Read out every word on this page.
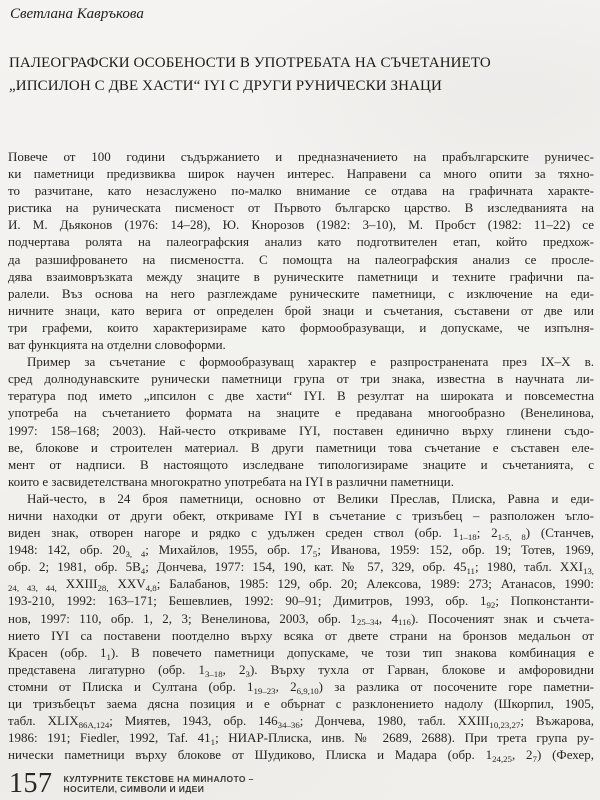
Светлана Кавръкова
ПАЛЕОГРАФСКИ ОСОБЕНОСТИ В УПОТРЕБАТА НА СЪЧЕТАНИЕТО
„ИПСИЛОН С ДВЕ ХАСТИ“ IYI С ДРУГИ РУНИЧЕСКИ ЗНАЦИ
Повече от 100 години съдържанието и предназначението на прабългарските руничес-
ки паметници предизвиква широк научен интерес. Направени са много опити за тяхно-
то разчитане, като незаслужено по-малко внимание се отдава на графичната характе-
ристика на руническата писменост от Първото българско царство. В изследванията на
И. М. Дьяконов (1976: 14–28), Ю. Кнорозов (1982: 3–10), М. Пробст (1982: 11–22) се
подчертава ролята на палеографския анализ като подготвителен етап, който предхож-
да разшифроването на писмеността. С помощта на палеографския анализ се просле-
дява взаимовръзката между знаците в руническите паметници и техните графични па-
ралели. Въз основа на него разглеждаме руническите паметници, с изключение на еди-
ничните знаци, като верига от определен брой знаци и съчетания, съставени от две или
три графеми, които характеризираме като формообразуващи, и допускаме, че изпълня-
ват функцията на отделни словоформи.
Пример за съчетание с формообразуващ характер е разпространената през IX–X в.
сред долнодунавските рунически паметници група от три знака, известна в научната ли-
тература под името „ипсилон с две хасти“ IYI. В резултат на широката и повсеместна
употреба на съчетанието формата на знаците е предавана многообразно (Венелинова,
1997: 158–168; 2003). Най-често откриваме IYI, поставен единично върху глинени съдо-
ве, блокове и строителен материал. В други паметници това съчетание е съставен еле-
мент от надписи. В настоящото изследване типологизираме знаците и съчетанията, с
които е засвидетелствана многократно употребата на IYI в различни паметници.
Най-често, в 24 броя паметници, основно от Велики Преслав, Плиска, Равна и еди-
нични находки от други обект, откриваме IYI в съчетание с тризъбец – разположен ъгло-
виден знак, отворен нагоре и рядко с удължен среден ствол (обр. $1_{1-18}$; $2_{1-5, 8}$) (Станчев,
1948: 142, обр. $20_{3, 4}$; Михайлов, 1955, обр. $17_5$; Иванова, 1959: 152, обр. 19; Тотев, 1969,
обр. 2; 1981, обр. $5В_4$; Дончева, 1977: 154, 190, кат. № 57, 329, обр. $45_{11}$; 1980, табл. $XXI_{13,}$
$_{24, 43, 44,}$ $XXIII_{28,}$ $XXV_{4,8}$; Балабанов, 1985: 129, обр. 20; Алексова, 1989: 273; Атанасов, 1990:
193-210, 1992: 163–171; Бешевлиев, 1992: 90–91; Димитров, 1993, обр. $1_{92}$; Попконстанти-
нов, 1997: 110, обр. 1, 2, 3; Венелинова, 2003, обр. $1_{25-34}$, $4_{116}$). Посоченият знак и съчета-
нието IYI са поставени поотделно върху всяка от двете страни на бронзов медальон от
Красен (обр. $1_1$). В повечето паметници допускаме, че този тип знакова комбинация е
представена лигатурно (обр. $1_{3-18}$, $2_3$). Върху тухла от Гарван, блокове и амфоровидни
стомни от Плиска и Султана (обр. $1_{19-23}$, $2_{6,9,10}$) за разлика от посочените горе паметни-
ци тризъбецът заема дясна позиция и е обърнат с разклонението надолу (Шкорпил, 1905,
табл. $XLIX_{86А,124}$; Миятев, 1943, обр. $146_{34-36}$; Дончева, 1980, табл. $XXIII_{10,23,27}$; Въжарова,
1986: 191; Fiedler, 1992, Taf. $41_1$; НИАР-Плиска, инв. № 2689, 2688). При трета група ру-
нически паметници върху блокове от Шудиково, Плиска и Мадара (обр. $1_{24,25}$, $2_7$) (Фехер,
157 КУЛТУРНИТЕ ТЕКСТОВЕ НА МИНАЛОТО –
НОСИТЕЛИ, СИМВОЛИ И ИДЕИ
